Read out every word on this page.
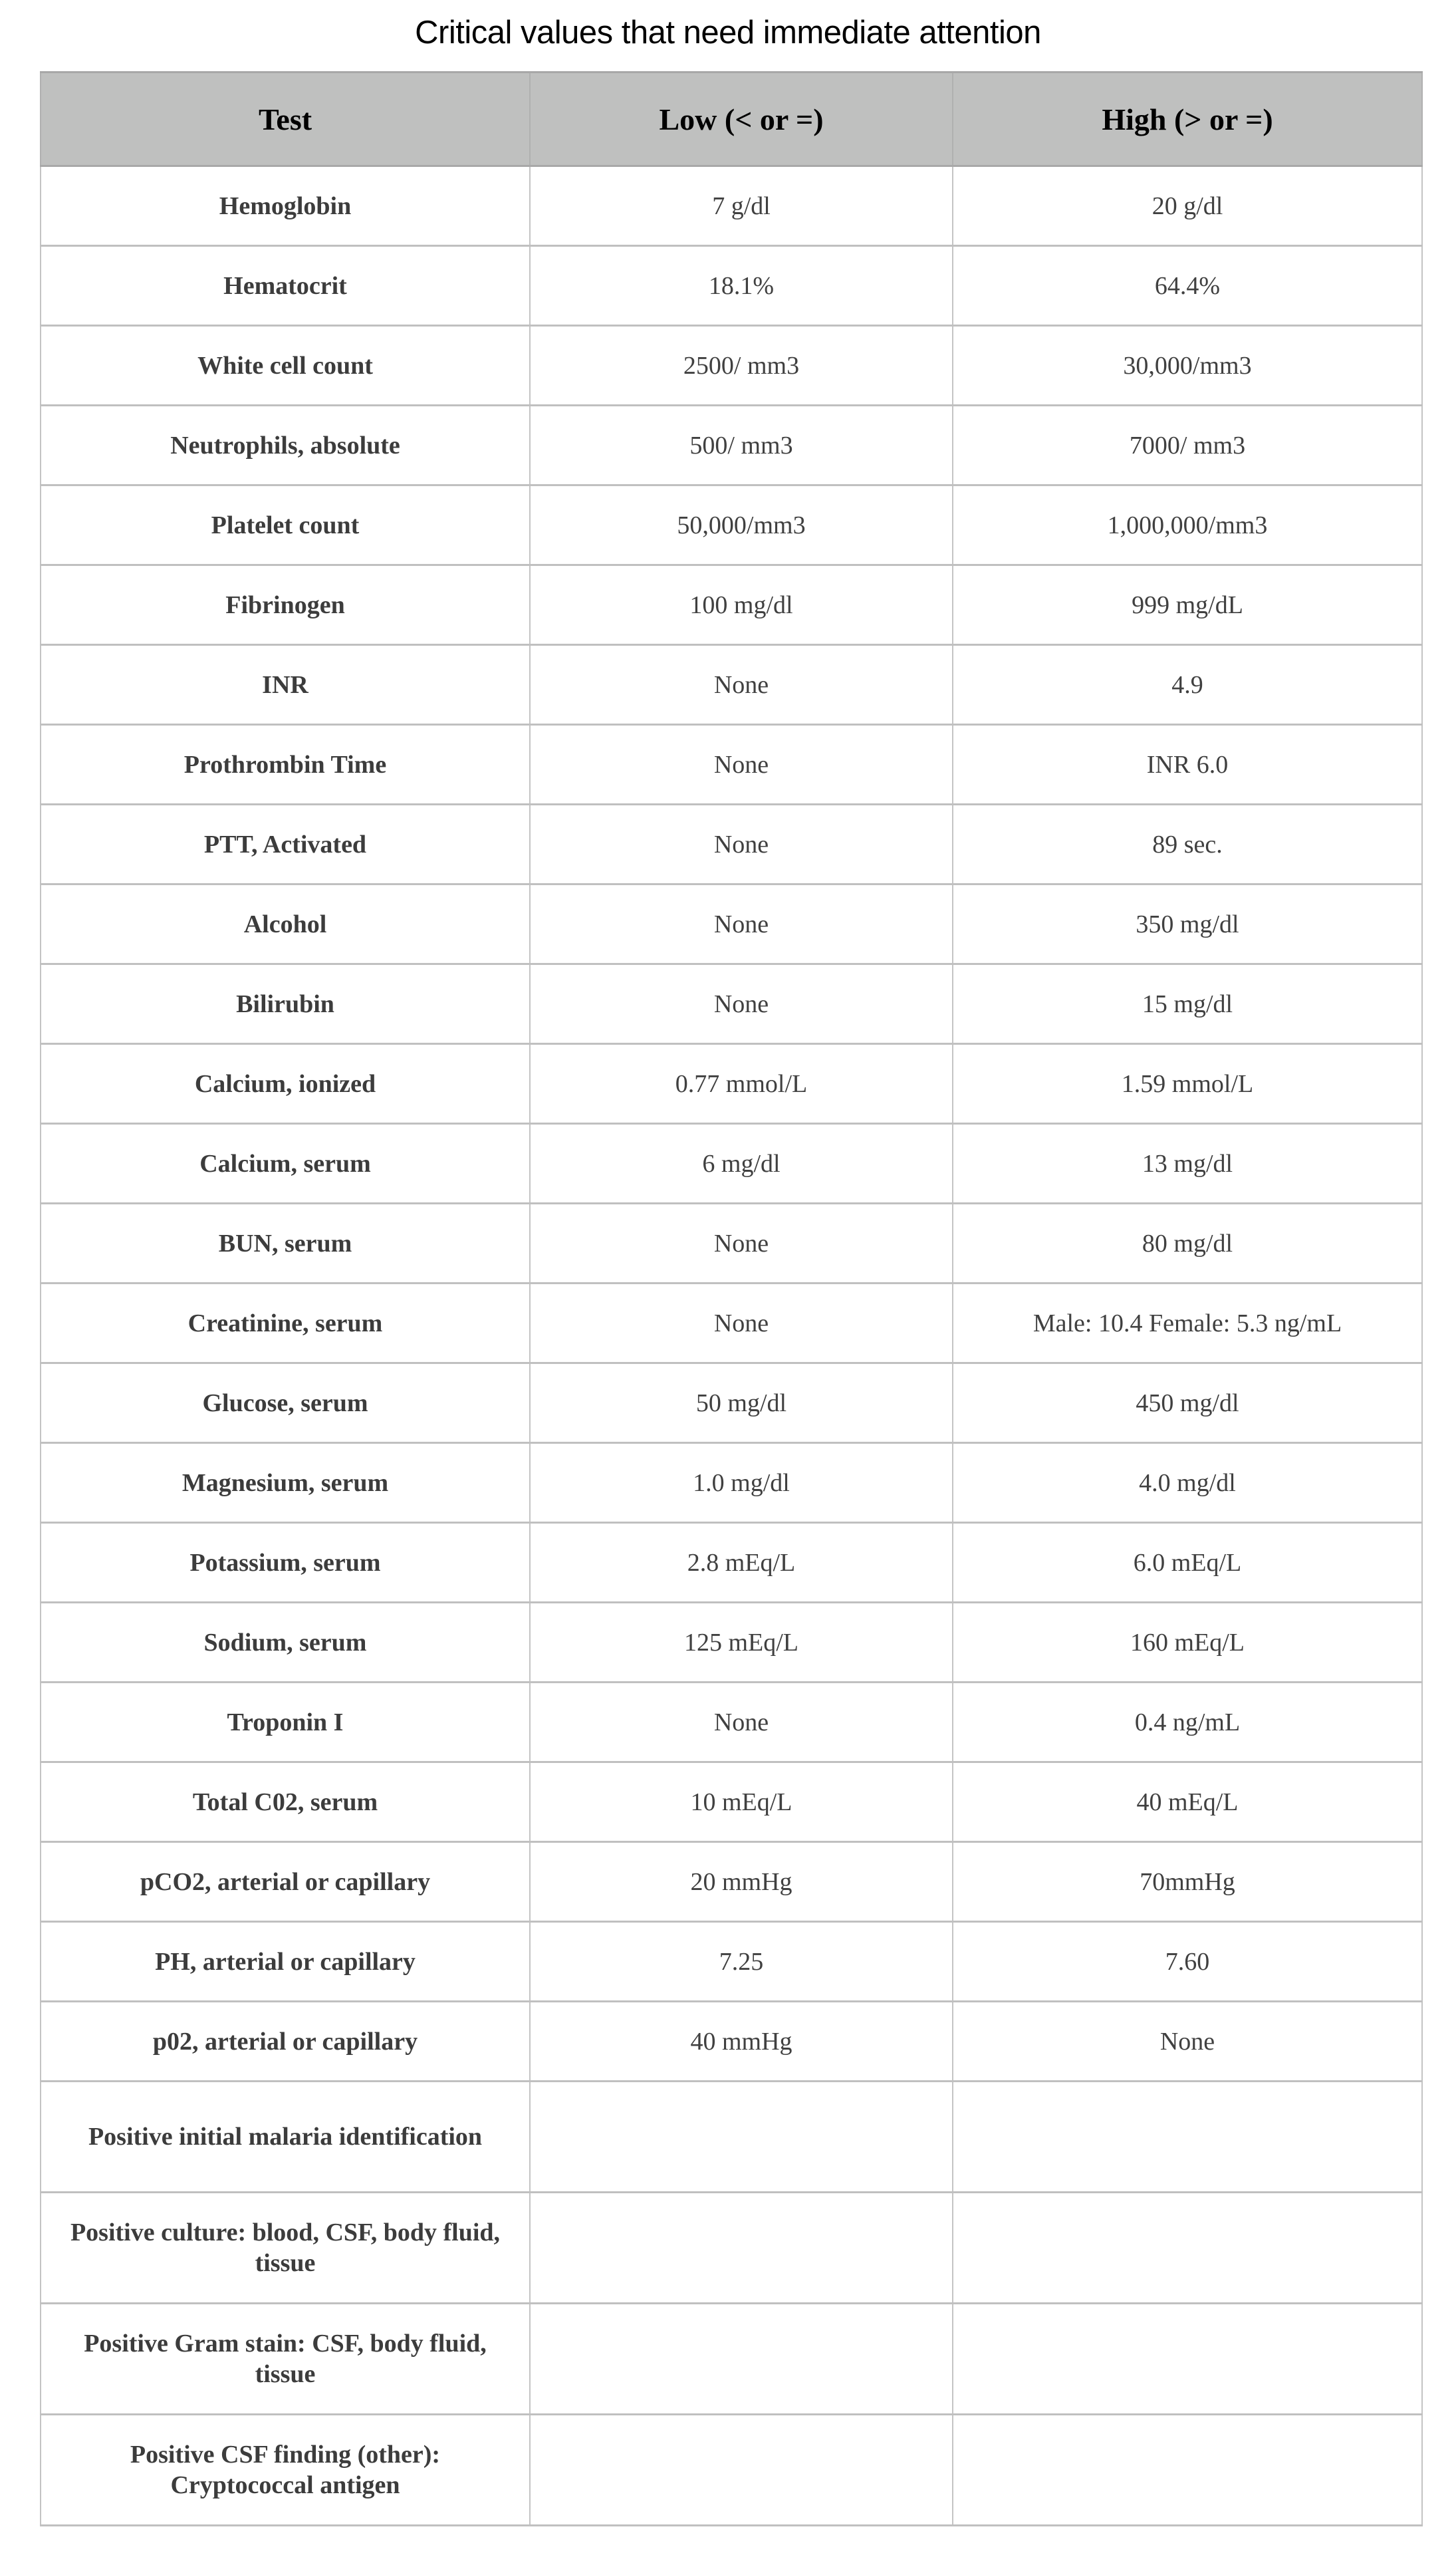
Critical values that need immediate attention
Test	Low (< or =)	High (> or =)
Hemoglobin	7 g/dl	20 g/dl
Hematocrit	18.1%	64.4%
White cell count	2500/ mm3	30,000/mm3
Neutrophils, absolute	500/ mm3	7000/ mm3
Platelet count	50,000/mm3	1,000,000/mm3
Fibrinogen	100 mg/dl	999 mg/dL
INR	None	4.9
Prothrombin Time	None	INR 6.0
PTT, Activated	None	89 sec.
Alcohol	None	350 mg/dl
Bilirubin	None	15 mg/dl
Calcium, ionized	0.77 mmol/L	1.59 mmol/L
Calcium, serum	6 mg/dl	13 mg/dl
BUN, serum	None	80 mg/dl
Creatinine, serum	None	Male: 10.4 Female: 5.3 ng/mL
Glucose, serum	50 mg/dl	450 mg/dl
Magnesium, serum	1.0 mg/dl	4.0 mg/dl
Potassium, serum	2.8 mEq/L	6.0 mEq/L
Sodium, serum	125 mEq/L	160 mEq/L
Troponin I	None	0.4 ng/mL
Total C02, serum	10 mEq/L	40 mEq/L
pCO2, arterial or capillary	20 mmHg	70mmHg
PH, arterial or capillary	7.25	7.60
p02, arterial or capillary	40 mmHg	None
Positive initial malaria identification		
Positive culture: blood, CSF, body fluid, tissue		
Positive Gram stain: CSF, body fluid, tissue		
Positive CSF finding (other): Cryptococcal antigen		
